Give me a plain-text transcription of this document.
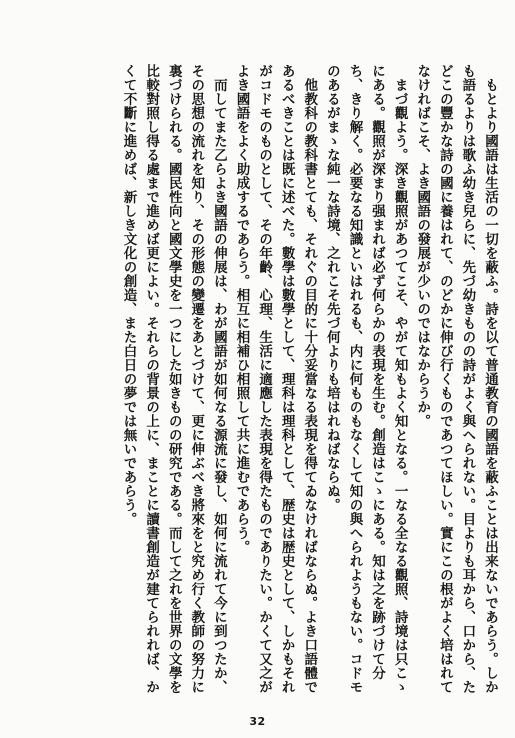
もとより國語は生活の一切を蔽ふ。詩を以て普通教育の國語を蔽ふことは出来ないであらう。しかも語るよりは歌ふ幼き兒らに、先づ幼きものの詩がよく與へられない。目よりも耳から、口から、たどこの豐かな詩の國に養はれて、のどかに伸び行くものであつてほしい。實にこの根がよく培はれてなければこそ、よき國語の發展が少いのではなからうか。

まづ觀よう。深き觀照があつてこそ、やがて知もよく知となる。一なる全なる觀照、詩境は只こゝにある。觀照が深まり强まれば必ず何らかの表現を生む。創造はこゝにある。知は之を跡づけて分ち、きり解く。必要なる知識といはれるも、内に何ものもなくして知の與へられようもない。コドモのあるがまゝな純一な詩境、之れこそ先づ何よりも培はれねばならぬ。

他教科の教科書とても、それぐの目的に十分妥當なる表現を得てゐなければならぬ。よき口語體であるべきことは既に述べた。數學は數學として、理科は理科として、歴史は歴史として、しかもそれがコドモのものとして、その年齡、心理、生活に適應した表現を得たものでありたい。かくて又之がよき國語をよく助成するであらう。相互に相補ひ相照して共に進むであらう。

而してまた乙らよき國語の伸展は、わが國語が如何なる源流に發し、如何に流れて今に到つたか、その思想の流れを知り、その形態の變遷をあとづけて、更に伸ぶべき將來をと究め行く教師の努力に裏づけられる。國民性向と國文學史を一つにした如きものの研究である。而して之れを世界の文學を比較對照し得る處まで進めば更によい。それらの背景の上に、まことに讀書創造が建てられれば、かくて不斷に進めば、新しき文化の創造、また白日の夢では無いであらう。

32
